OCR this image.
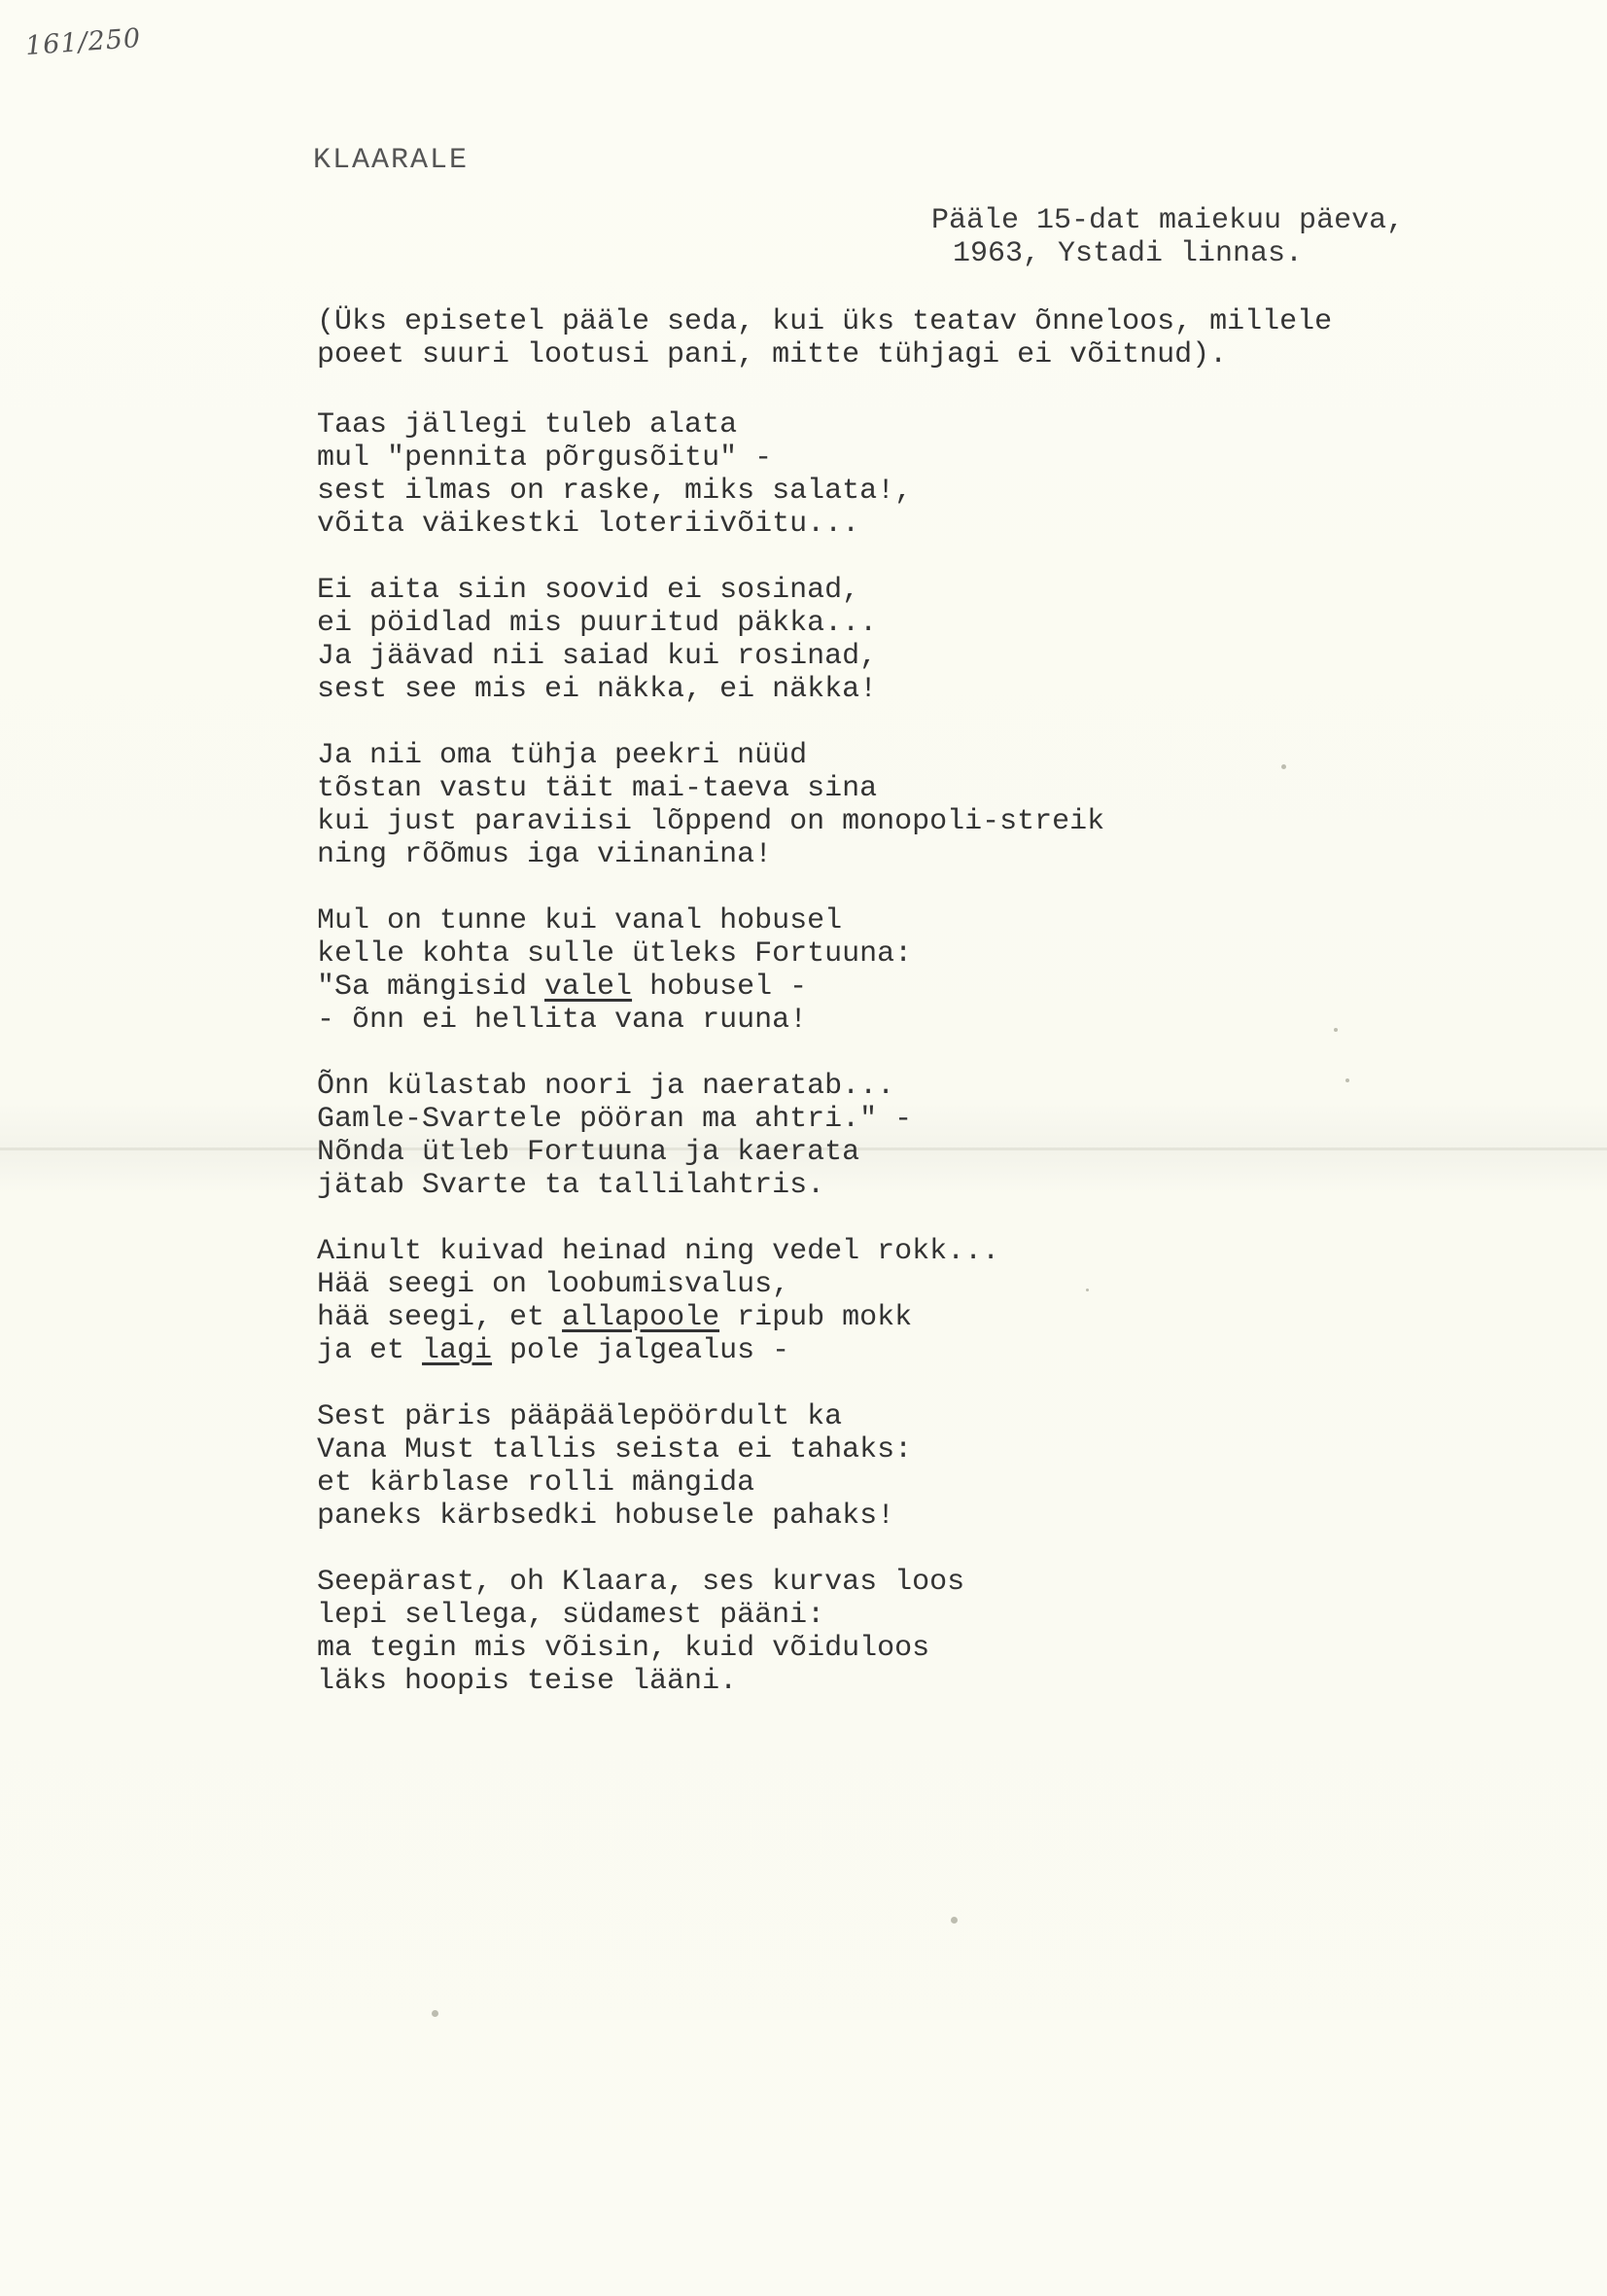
161/250
KLAARALE
Pääle 15-dat maiekuu päeva,
1963, Ystadi linnas.
(Üks episetel pääle seda, kui üks teatav õnneloos, millele
poeet suuri lootusi pani, mitte tühjagi ei võitnud).
Taas jällegi tuleb alata
mul "pennita põrgusõitu" -
sest ilmas on raske, miks salata!,
võita väikestki loteriivõitu...
Ei aita siin soovid ei sosinad,
ei pöidlad mis puuritud päkka...
Ja jäävad nii saiad kui rosinad,
sest see mis ei näkka, ei näkka!
Ja nii oma tühja peekri nüüd
tõstan vastu täit mai-taeva sina
kui just paraviisi lõppend on monopoli-streik
ning rõõmus iga viinanina!
Mul on tunne kui vanal hobusel
kelle kohta sulle ütleks Fortuuna:
"Sa mängisid valel hobusel -
- õnn ei hellita vana ruuna!
Õnn külastab noori ja naeratab...
Gamle-Svartele pööran ma ahtri." -
Nõnda ütleb Fortuuna ja kaerata
jätab Svarte ta tallilahtris.
Ainult kuivad heinad ning vedel rokk...
Hää seegi on loobumisvalus,
hää seegi, et allapoole ripub mokk
ja et lagi pole jalgealus -
Sest päris pääpäälepöördult ka
Vana Must tallis seista ei tahaks:
et kärblase rolli mängida
paneks kärbsedki hobusele pahaks!
Seepärast, oh Klaara, ses kurvas loos
lepi sellega, südamest pääni:
ma tegin mis võisin, kuid võiduloos
läks hoopis teise lääni.
